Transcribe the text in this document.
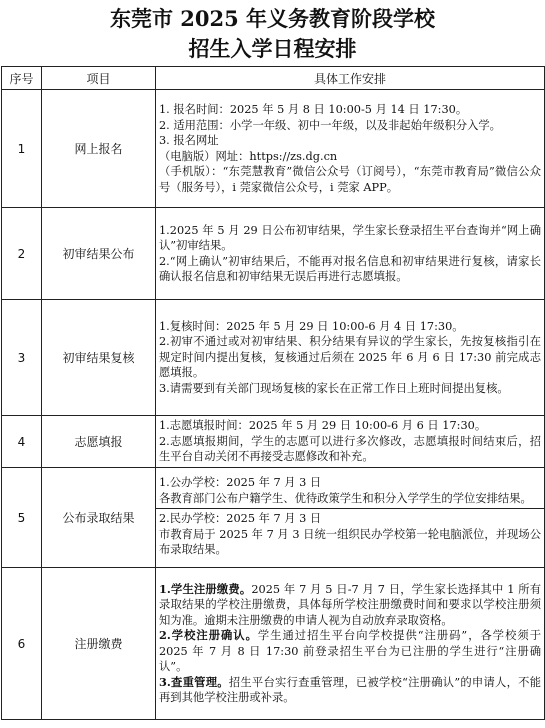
东莞市 2025 年义务教育阶段学校
招生入学日程安排
序号	项目	具体工作安排
1	网上报名	1. 报名时间：2025 年 5 月 8 日 10:00-5 月 14 日 17:30。
2. 适用范围：小学一年级、初中一年级，以及非起始年级积分入学。
3. 报名网址
（电脑版）网址：https://zs.dg.cn
（手机版）：“东莞慧教育”微信公众号（订阅号），“东莞市教育局”微信公众号（服务号），i 莞家微信公众号，i 莞家 APP。

2	初审结果公布	1.2025 年 5 月 29 日公布初审结果，学生家长登录招生平台查询并“网上确认”初审结果。
2.“网上确认”初审结果后，不能再对报名信息和初审结果进行复核，请家长确认报名信息和初审结果无误后再进行志愿填报。

3	初审结果复核	1.复核时间：2025 年 5 月 29 日 10:00-6 月 4 日 17:30。
2.初审不通过或对初审结果、积分结果有异议的学生家长，先按复核指引在规定时间内提出复核，复核通过后须在 2025 年 6 月 6 日 17:30 前完成志愿填报。
3.请需要到有关部门现场复核的家长在正常工作日上班时间提出复核。

4	志愿填报	1.志愿填报时间：2025 年 5 月 29 日 10:00-6 月 6 日 17:30。
2.志愿填报期间，学生的志愿可以进行多次修改，志愿填报时间结束后，招生平台自动关闭不再接受志愿修改和补充。

5	公布录取结果	1.公办学校：2025 年 7 月 3 日
各教育部门公布户籍学生、优待政策学生和积分入学学生的学位安排结果。
2.民办学校：2025 年 7 月 3 日
市教育局于 2025 年 7 月 3 日统一组织民办学校第一轮电脑派位，并现场公布录取结果。

6	注册缴费	1.学生注册缴费。2025 年 7 月 5 日-7 月 7 日，学生家长选择其中 1 所有录取结果的学校注册缴费，具体每所学校注册缴费时间和要求以学校注册须知为准。逾期未注册缴费的申请人视为自动放弃录取资格。
2.学校注册确认。学生通过招生平台向学校提供“注册码”，各学校须于 2025 年 7 月 8 日 17:30 前登录招生平台为已注册的学生进行“注册确认”。
3.查重管理。招生平台实行查重管理，已被学校“注册确认”的申请人，不能再到其他学校注册或补录。
